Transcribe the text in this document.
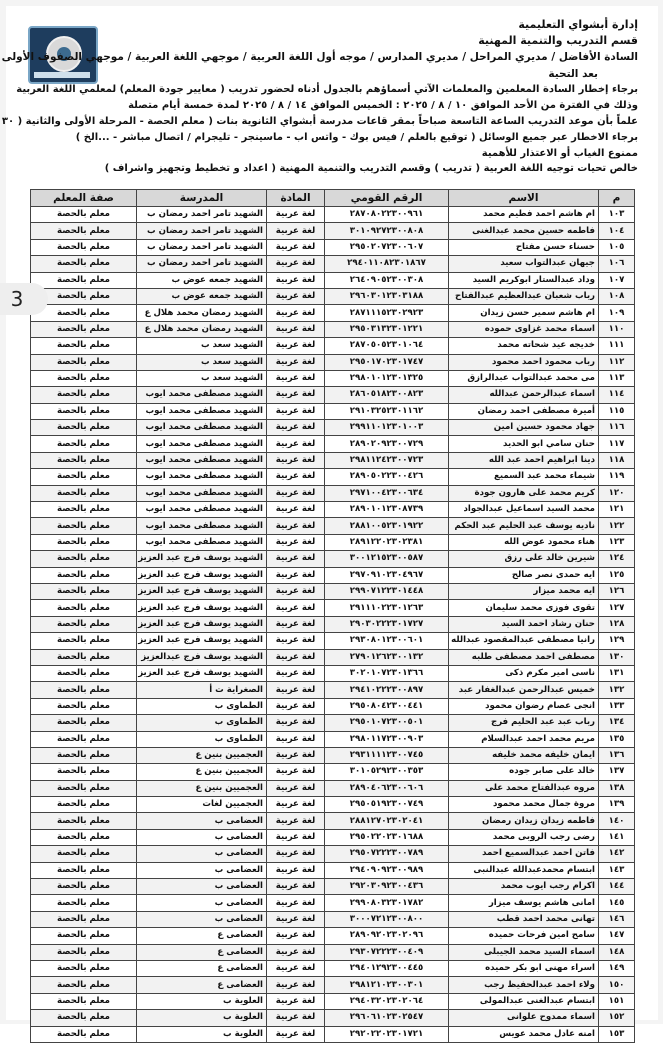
إدارة أبشواي التعليمية
قسم التدريب والتنمية المهنية
السادة الأفاضل / مديري المراحل / مديري المدارس / موجه أول اللغة العربية / موجهي اللغة العربية / موجهي الصفوف الأولى
بعد التحية
برجاء إخطار السادة المعلمين والمعلمات الآتي أسماؤهم بالجدول أدناه لحضور تدريب ( معايير جودة المعلم) لمعلمي اللغة العربية
وذلك في الفترة من الأحد الموافق ١٠ / ٨ / ٢٠٢٥ : الخميس الموافق ١٤ / ٨ / ٢٠٢٥ لمدة خمسة أيام متصلة
علماً بأن موعد التدريب الساعة التاسعة صباحاً بمقر قاعات مدرسة أبشواي الثانوية بنات ( معلم الحصة - المرحلة الأولى والثانية ( ٣٠
برجاء الاخطار عبر جميع الوسائل ( توقيع بالعلم / فيس بوك - واتس اب - ماسينجر - تليجرام / اتصال مباشر - ...الخ )
ممنوع الغياب أو الاعتذار للأهمية
خالص تحيات توجيه اللغة العربية ( تدريب ) وقسم التدريب والتنمية المهنية ( اعداد و تخطيط وتجهيز واشراف )
م	الاسم	الرقم القومي	المادة	المدرسة	صفة المعلم
١٠٣	ام هاشم احمد فطيم محمد	٢٨٧٠٨٠٢٢٣٠٠٩٦١	لغة عربية	الشهيد تامر احمد رمضان ب	معلم بالحصة
١٠٤	فاطمه حسين محمد عبدالغنى	٣٠١٠٩٢٧٢٣٠٠٨٠٨	لغة عربية	الشهيد تامر احمد رمضان ب	معلم بالحصة
١٠٥	حسناء حسن مفتاح	٢٩٥٠٢٠٧٢٣٠٠٦٠٧	لغة عربية	الشهيد تامر احمد رمضان ب	معلم بالحصة
١٠٦	جيهان عبدالتواب سعيد	٢٩٤٠١١٠٨٢٣٠١٨٦٧	لغة عربية	الشهيد تامر احمد رمضان ب	معلم بالحصة
١٠٧	وداد عبدالستار ابوكريم السيد	٢٦٤٠٩٠٥٢٣٠٠٣٠٨	لغة عربية	الشهيد جمعه عوض ب	معلم بالحصة
١٠٨	رباب شعبان عبدالعظيم عبدالفتاح	٢٩٦٠٣٠١٢٣٠٣١٨٨	لغة عربية	الشهيد جمعه عوض ب	معلم بالحصة
١٠٩	ام هاشم سمير حسن زيدان	٢٨٧١١١٥٢٣٠٢٩٢٣	لغة عربية	الشهيد رمضان محمد هلال ع	معلم بالحصة
١١٠	اسماء محمد غزاوى حموده	٢٩٥٠٣١٣٢٣٠١٢٢١	لغة عربية	الشهيد رمضان محمد هلال ع	معلم بالحصة
١١١	خديجه عيد شحاته محمد	٢٨٧٠٥٠٥٢٣٠١٠٦٤	لغة عربية	الشهيد سعد ب	معلم بالحصة
١١٢	رباب محمود احمد محمود	٢٩٥٠١٧٠٢٣٠١٧٤٧	لغة عربية	الشهيد سعد ب	معلم بالحصة
١١٣	مى محمد عبدالتواب عبدالرازق	٢٩٨٠١٠١٢٣٠١٣٢٥	لغة عربية	الشهيد سعد ب	معلم بالحصة
١١٤	اسماء عبدالرحمن عبدالله	٢٨٦٠٥١٨٢٣٠٠٨٢٣	لغة عربية	الشهيد مصطفى محمد ايوب	معلم بالحصة
١١٥	أميرة مصطفى احمد رمضان	٢٩١٠٣٢٥٢٣٠١١٦٢	لغة عربية	الشهيد مصطفى محمد ايوب	معلم بالحصة
١١٦	جهاد محمود حسين امين	٢٩٩١١٠١٢٣٠١٠٠٣	لغة عربية	الشهيد مصطفى محمد ايوب	معلم بالحصة
١١٧	حنان سامي ابو الحديد	٢٨٩٠٢٠٩٢٣٠٠٧٢٩	لغة عربية	الشهيد مصطفى محمد ايوب	معلم بالحصة
١١٨	دينا ابراهيم احمد عبد الله	٢٩٨١١٢٤٢٣٠٠٧٢٣	لغة عربية	الشهيد مصطفى محمد ايوب	معلم بالحصة
١١٩	شيماء محمد عبد السميع	٢٨٩٠٥٠٢٢٣٠٠٤٢٦	لغة عربية	الشهيد مصطفى محمد ايوب	معلم بالحصة
١٢٠	كريم محمد على هارون جودة	٢٩٧١٠٠٤٢٣٠٠٦٣٤	لغة عربية	الشهيد مصطفى محمد ايوب	معلم بالحصة
١٢١	محمد السيد اسماعيل عبدالجواد	٢٨٩٠١٠١٢٣٠٨٧٣٩	لغة عربية	الشهيد مصطفى محمد ايوب	معلم بالحصة
١٢٢	ناديه يوسف عبد الحليم عبد الحكم	٢٨٨١٠٠٥٢٣٠١٩٢٢	لغة عربية	الشهيد مصطفى محمد ايوب	معلم بالحصة
١٢٣	هناء محمود عوض الله	٢٨٩١٢٢٠٢٣٠٢٣٨١	لغة عربية	الشهيد مصطفى محمد ايوب	معلم بالحصة
١٢٤	شيرين خالد على رزق	٣٠٠١٢١٥٢٣٠٠٥٨٧	لغة عربية	الشهيد يوسف فرج عبد العزيز	معلم بالحصة
١٢٥	ايه حمدى نصر صالح	٢٩٧٠٩١٠٢٣٠٤٩٦٧	لغة عربية	الشهيد يوسف فرج عبد العزيز	معلم بالحصة
١٢٦	ايه محمد ميزار	٢٩٩٠٧١٢٢٣٠١٤٤٨	لغة عربية	الشهيد يوسف فرج عبد العزيز	معلم بالحصة
١٢٧	تقوى فوزى محمد سليمان	٢٩١١١٠٢٢٣٠١٢٦٣	لغة عربية	الشهيد يوسف فرج عبد العزيز	معلم بالحصة
١٢٨	حنان رشاد احمد السيد	٢٩٠٣٠٢٢٢٣٠١٧٢٧	لغة عربية	الشهيد يوسف فرج عبد العزيز	معلم بالحصة
١٢٩	رانيا مصطفى عبدالمقصود عبدالله	٢٩٣٠٨٠١٢٣٠٠٦٠١	لغة عربية	الشهيد يوسف فرج عبد العزيز	معلم بالحصة
١٣٠	مصطفى احمد مصطفى طلبه	٢٧٩٠١٢٦٢٣٠٠١٣٢	لغة عربية	الشهيد يوسف فرج عبدالعزيز	معلم بالحصة
١٣١	ناسى امير مكرم ذكى	٣٠٢٠١٠٧٢٣٠١٣٦٦	لغة عربية	الشهيد يوسف فرج عبد العزيز	معلم بالحصة
١٣٢	خميس عبدالرحمن عبدالغفار عبد	٢٩٤١٠٢٢٢٣٠٠٨٩٧	لغة عربية	الصغراية ت أ	معلم بالحصة
١٣٣	انجى عصام رضوان محمود	٢٩٥٠٨٠٤٢٣٠٠٤٤١	لغة عربية	الطماوى ب	معلم بالحصة
١٣٤	رباب عبد عبد الحليم فرج	٢٩٥٠١٠٧٢٣٠٠٥٠١	لغة عربية	الطماوى ب	معلم بالحصة
١٣٥	مريم محمد احمد عبدالسلام	٢٩٨٠١١٧٢٣٠٠٩٠٣	لغة عربية	الطماوى ب	معلم بالحصة
١٣٦	ايمان خليفه محمد خليفه	٢٩٣١١١١٢٣٠٠٧٤٥	لغة عربية	العجميين بنين ع	معلم بالحصة
١٣٧	خالد على صابر جوده	٣٠١٠٥٢٩٢٣٠٠٣٥٣	لغة عربية	العجميين بنين ع	معلم بالحصة
١٣٨	مروه عبدالفتاح محمد على	٢٨٩٠٤٠٦٢٣٠٠٦٠٦	لغة عربية	العجميين بنين ع	معلم بالحصة
١٣٩	مروة جمال محمد محمود	٢٩٥٠٥١٩٢٣٠٠٧٤٩	لغة عربية	العجميين لغات	معلم بالحصة
١٤٠	فاطمه زيدان زيدان رمضان	٢٨٨١٢٧٠٢٣٠٢٠٤١	لغة عربية	العضامى ب	معلم بالحصة
١٤١	رضى رجب الروبى محمد	٢٩٥٠٢٢٠٢٣٠١٦٨٨	لغة عربية	العضامى ب	معلم بالحصة
١٤٢	فاتن احمد عبدالسميع احمد	٢٩٥٠٧٢٢٢٣٠٠٧٨٩	لغة عربية	العضامى ب	معلم بالحصة
١٤٣	ابتسام محمدعبدالله عبدالنبى	٢٩٤٠٩٠٩٢٣٠٠٩٨٩	لغة عربية	العضامى ب	معلم بالحصة
١٤٤	اكرام رجب ايوب محمد	٢٩٢٠٣٠٩٢٣٠٠٤٣٦	لغة عربية	العضامى ب	معلم بالحصة
١٤٥	امانى هاشم يوسف ميزار	٢٩٩٠٨٠٣٢٣٠١٧٨٢	لغة عربية	العضامى ب	معلم بالحصة
١٤٦	تهانى محمد احمد قطب	٣٠٠٠٧٢١٢٣٠٠٨٠٠	لغة عربية	العضامى ب	معلم بالحصة
١٤٧	سامح امين فرحات حميده	٢٨٩٠٩٢٠٢٣٠٢٠٩٦	لغة عربية	العضامى ع	معلم بالحصة
١٤٨	اسماء السيد محمد الجيبلى	٢٩٣٠٧٢٢٢٣٠٠٤٠٩	لغة عربية	العضامى ع	معلم بالحصة
١٤٩	اسراء مهنى ابو بكر حميده	٢٩٤٠١٢٩٢٣٠٠٤٤٥	لغة عربية	العضامى ع	معلم بالحصة
١٥٠	ولاء احمد عبدالحفيظ رجب	٢٩٨١٢١٠٢٣٠٠٣٠١	لغة عربية	العضامى ع	معلم بالحصة
١٥١	ابتسام عبدالغنى عبدالمولى	٢٩٤٠٣٢٠٢٣٠٢٠٦٤	لغة عربية	العلوية ب	معلم بالحصة
١٥٢	اسماء ممدوح علوانى	٢٩٦٠٦١٠٢٣٠٢٥٤٧	لغة عربية	العلوية ب	معلم بالحصة
١٥٣	امنه عادل محمد عويس	٢٩٢٠٢٢٠٢٣٠١٧٢١	لغة عربية	العلوية ب	معلم بالحصة
3
